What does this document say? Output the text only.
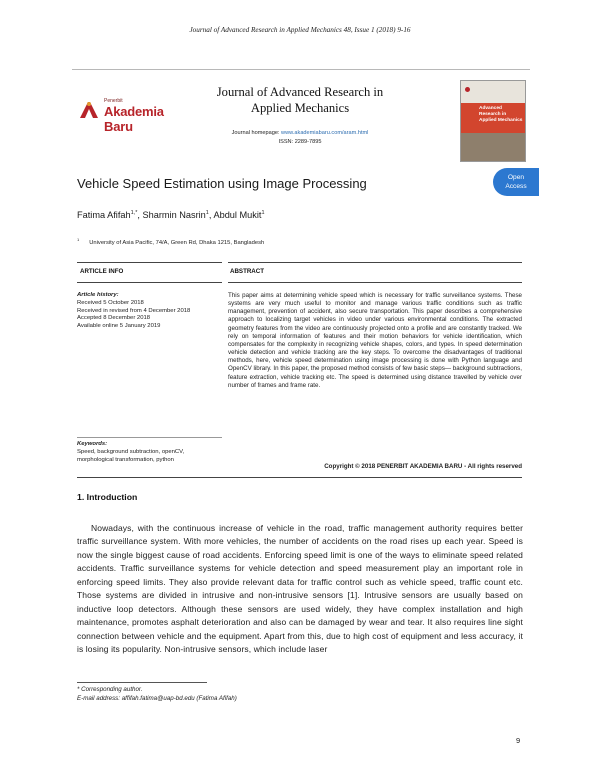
Journal of Advanced Research in Applied Mechanics 48, Issue 1 (2018) 9-16
Penerbit
Akademia Baru
Journal of Advanced Research in Applied Mechanics
Journal homepage: www.akademiabaru.com/aram.html
ISSN: 2289-7895
Advanced Research in Applied Mechanics
Vehicle Speed Estimation using Image Processing	Open
Access
Fatima Afifah$^{1,*}$, Sharmin Nasrin$^1$, Abdul Mukit$^1$
$^1$University of Asia Pacific, 74/A, Green Rd, Dhaka 1215, Bangladesh
ARTICLE INFO	ABSTRACT
Article history:
Received 5 October 2018
Received in revised from 4 December 2018
Accepted 8 December 2018
Available online 5 January 2019
This paper aims at determining vehicle speed which is necessary for traffic surveillance systems. These systems are very much useful to monitor and manage various traffic conditions such as traffic management, prevention of accident, also secure transportation. This paper describes a comprehensive approach to localizing target vehicles in video under various environmental conditions. The extracted geometry features from the video are continuously projected onto a profile and are constantly tracked. We rely on temporal information of features and their motion behaviors for vehicle identification, which compensates for the complexity in recognizing vehicle shapes, colors, and types. In speed determination vehicle detection and vehicle tracking are the key steps. To overcome the disadvantages of traditional methods, here, vehicle speed determination using image processing is done with Python language and OpenCV library. In this paper, the proposed method consists of few basic steps— background subtractions, feature extraction, vehicle tracking etc. The speed is determined using distance travelled by vehicle over number of frames and frame rate.
Keywords:
Speed, background subtraction, openCV, morphological transformation, python
Copyright © 2018 PENERBIT AKADEMIA BARU - All rights reserved
1. Introduction
Nowadays, with the continuous increase of vehicle in the road, traffic management authority requires better traffic surveillance system. With more vehicles, the number of accidents on the road rises up each year. Speed is now the single biggest cause of road accidents. Enforcing speed limit is one of the ways to eliminate speed related accidents. Traffic surveillance systems for vehicle detection and speed measurement play an important role in enforcing speed limits. They also provide relevant data for traffic control such as vehicle speed, traffic count etc. Those systems are divided in intrusive and non-intrusive sensors [1]. Intrusive sensors are usually based on inductive loop detectors. Although these sensors are used widely, they have complex installation and high maintenance, promotes asphalt deterioration and also can be damaged by wear and tear. It also requires line sight connection between vehicle and the equipment. Apart from this, due to high cost of equipment and less accuracy, it is losing its popularity. Non-intrusive sensors, which include laser
* Corresponding author.
E-mail address: affifah.fatima@uap-bd.edu (Fatima Afifah)
9
